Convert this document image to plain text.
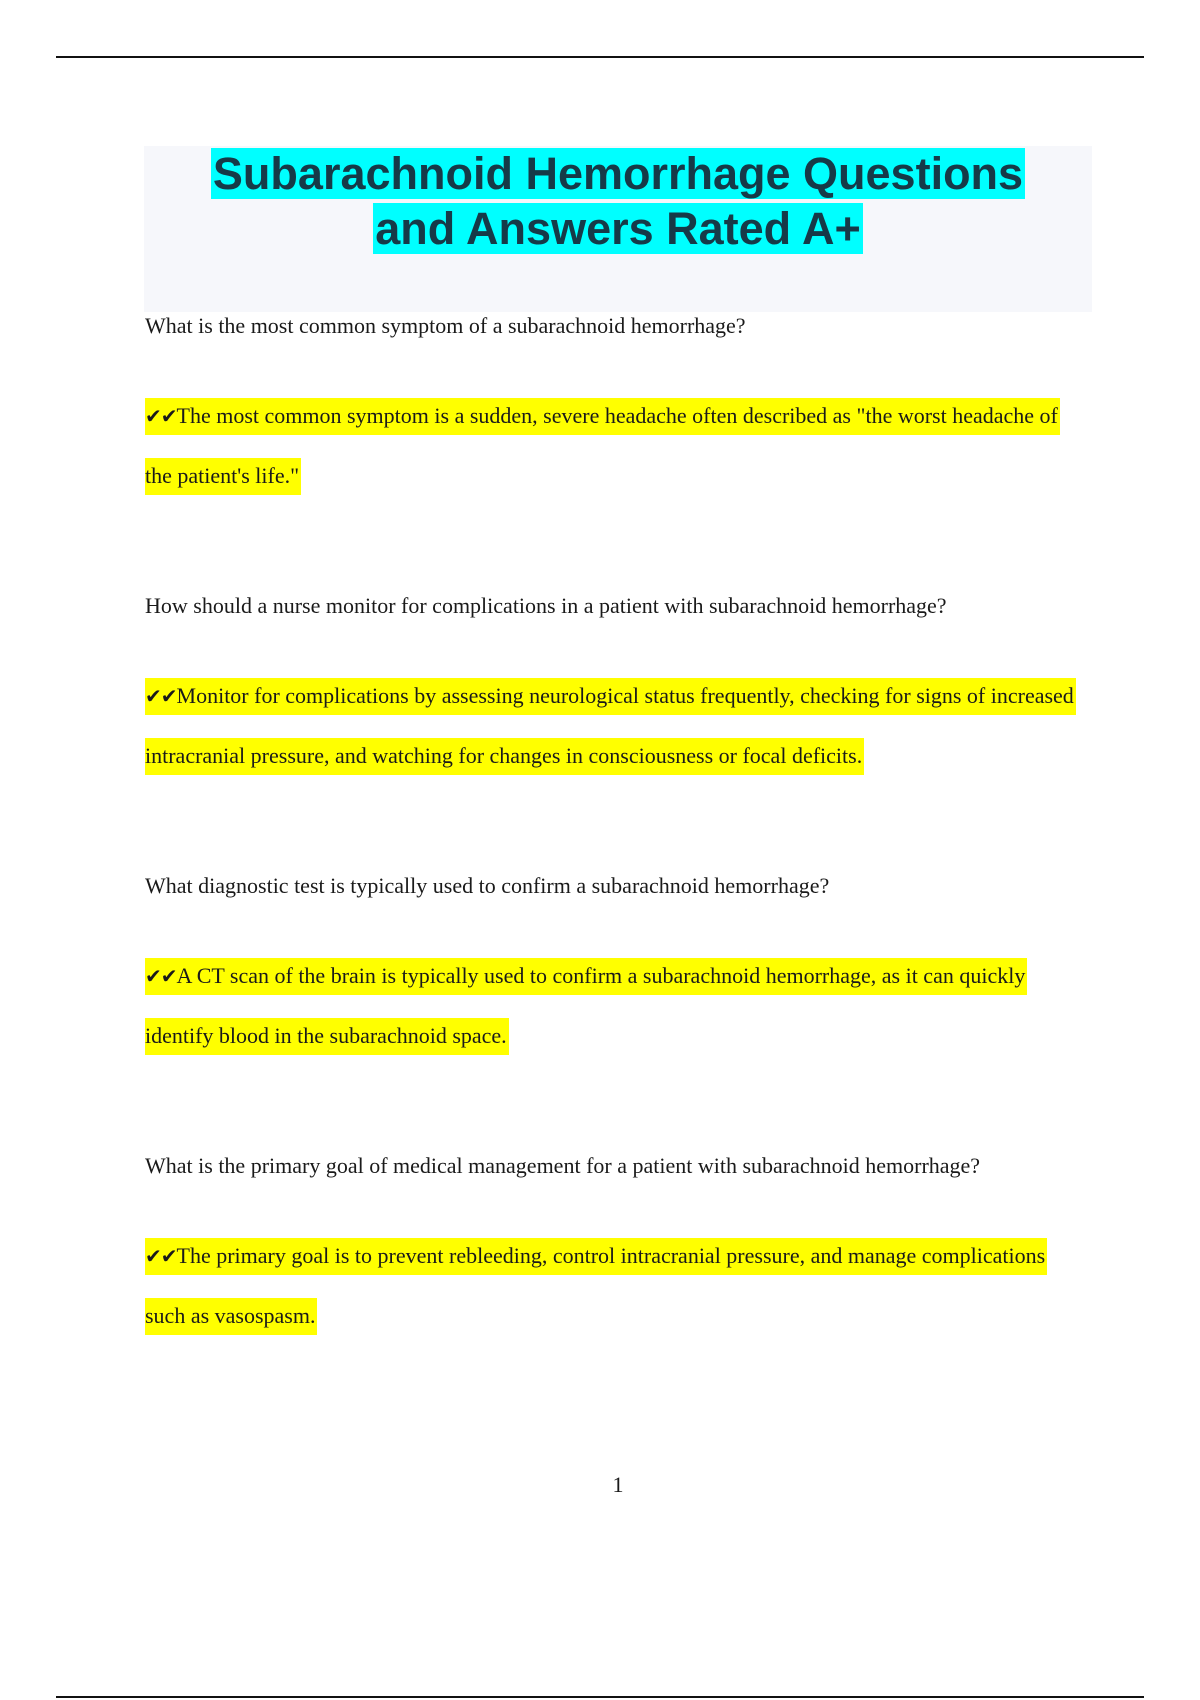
Subarachnoid Hemorrhage Questions
and Answers Rated A+

What is the most common symptom of a subarachnoid hemorrhage?

✔✔The most common symptom is a sudden, severe headache often described as "the worst headache of the patient's life."

How should a nurse monitor for complications in a patient with subarachnoid hemorrhage?

✔✔Monitor for complications by assessing neurological status frequently, checking for signs of increased intracranial pressure, and watching for changes in consciousness or focal deficits.

What diagnostic test is typically used to confirm a subarachnoid hemorrhage?

✔✔A CT scan of the brain is typically used to confirm a subarachnoid hemorrhage, as it can quickly identify blood in the subarachnoid space.

What is the primary goal of medical management for a patient with subarachnoid hemorrhage?

✔✔The primary goal is to prevent rebleeding, control intracranial pressure, and manage complications such as vasospasm.

1
